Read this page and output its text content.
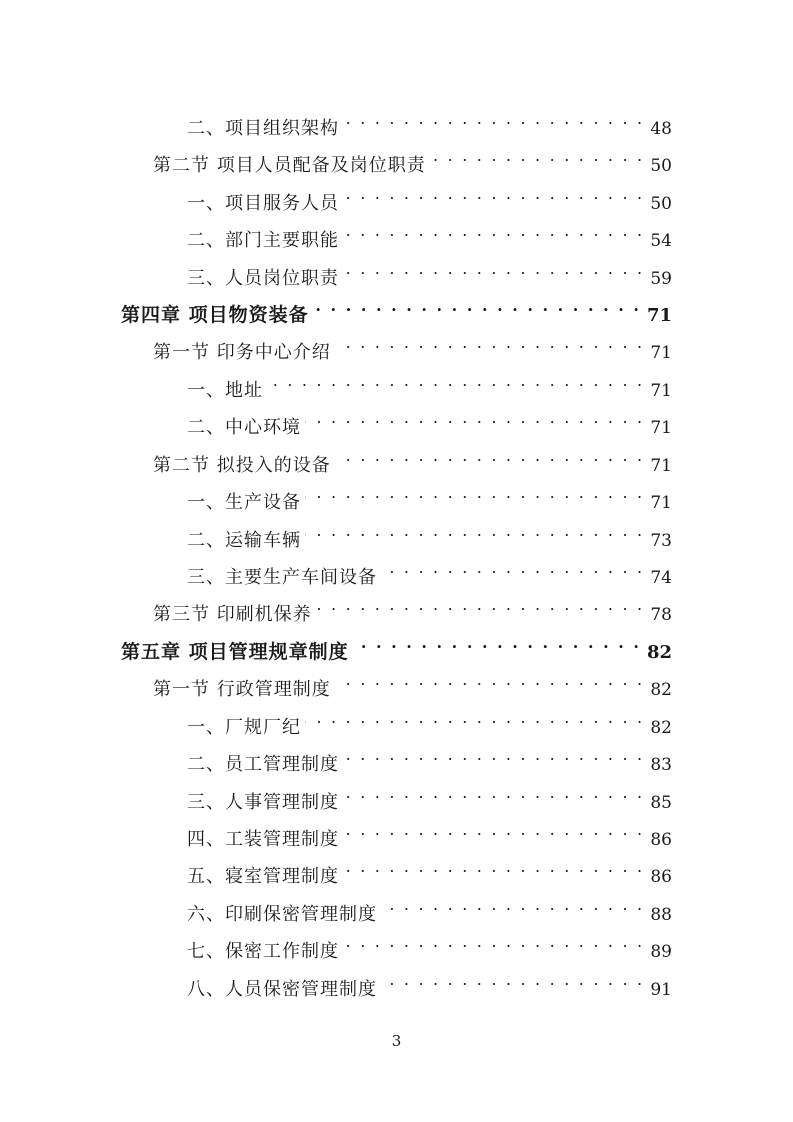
二、项目组织架构 . . .	48
第二节 项目人员配备及岗位职责 . . .	50
一、项目服务人员 . . .	50
二、部门主要职能 . . .	54
三、人员岗位职责 . . .	59
第四章 项目物资装备 . . .	71
第一节 印务中心介绍 . . .	71
一、地址 . . .	71
二、中心环境 . . .	71
第二节 拟投入的设备 . . .	71
一、生产设备 . . .	71
二、运输车辆 . . .	73
三、主要生产车间设备 . . .	74
第三节 印刷机保养 . . .	78
第五章 项目管理规章制度 . . .	82
第一节 行政管理制度 . . .	82
一、厂规厂纪 . . .	82
二、员工管理制度 . . .	83
三、人事管理制度 . . .	85
四、工装管理制度 . . .	86
五、寝室管理制度 . . .	86
六、印刷保密管理制度 . . .	88
七、保密工作制度 . . .	89
八、人员保密管理制度 . . .	91
3
